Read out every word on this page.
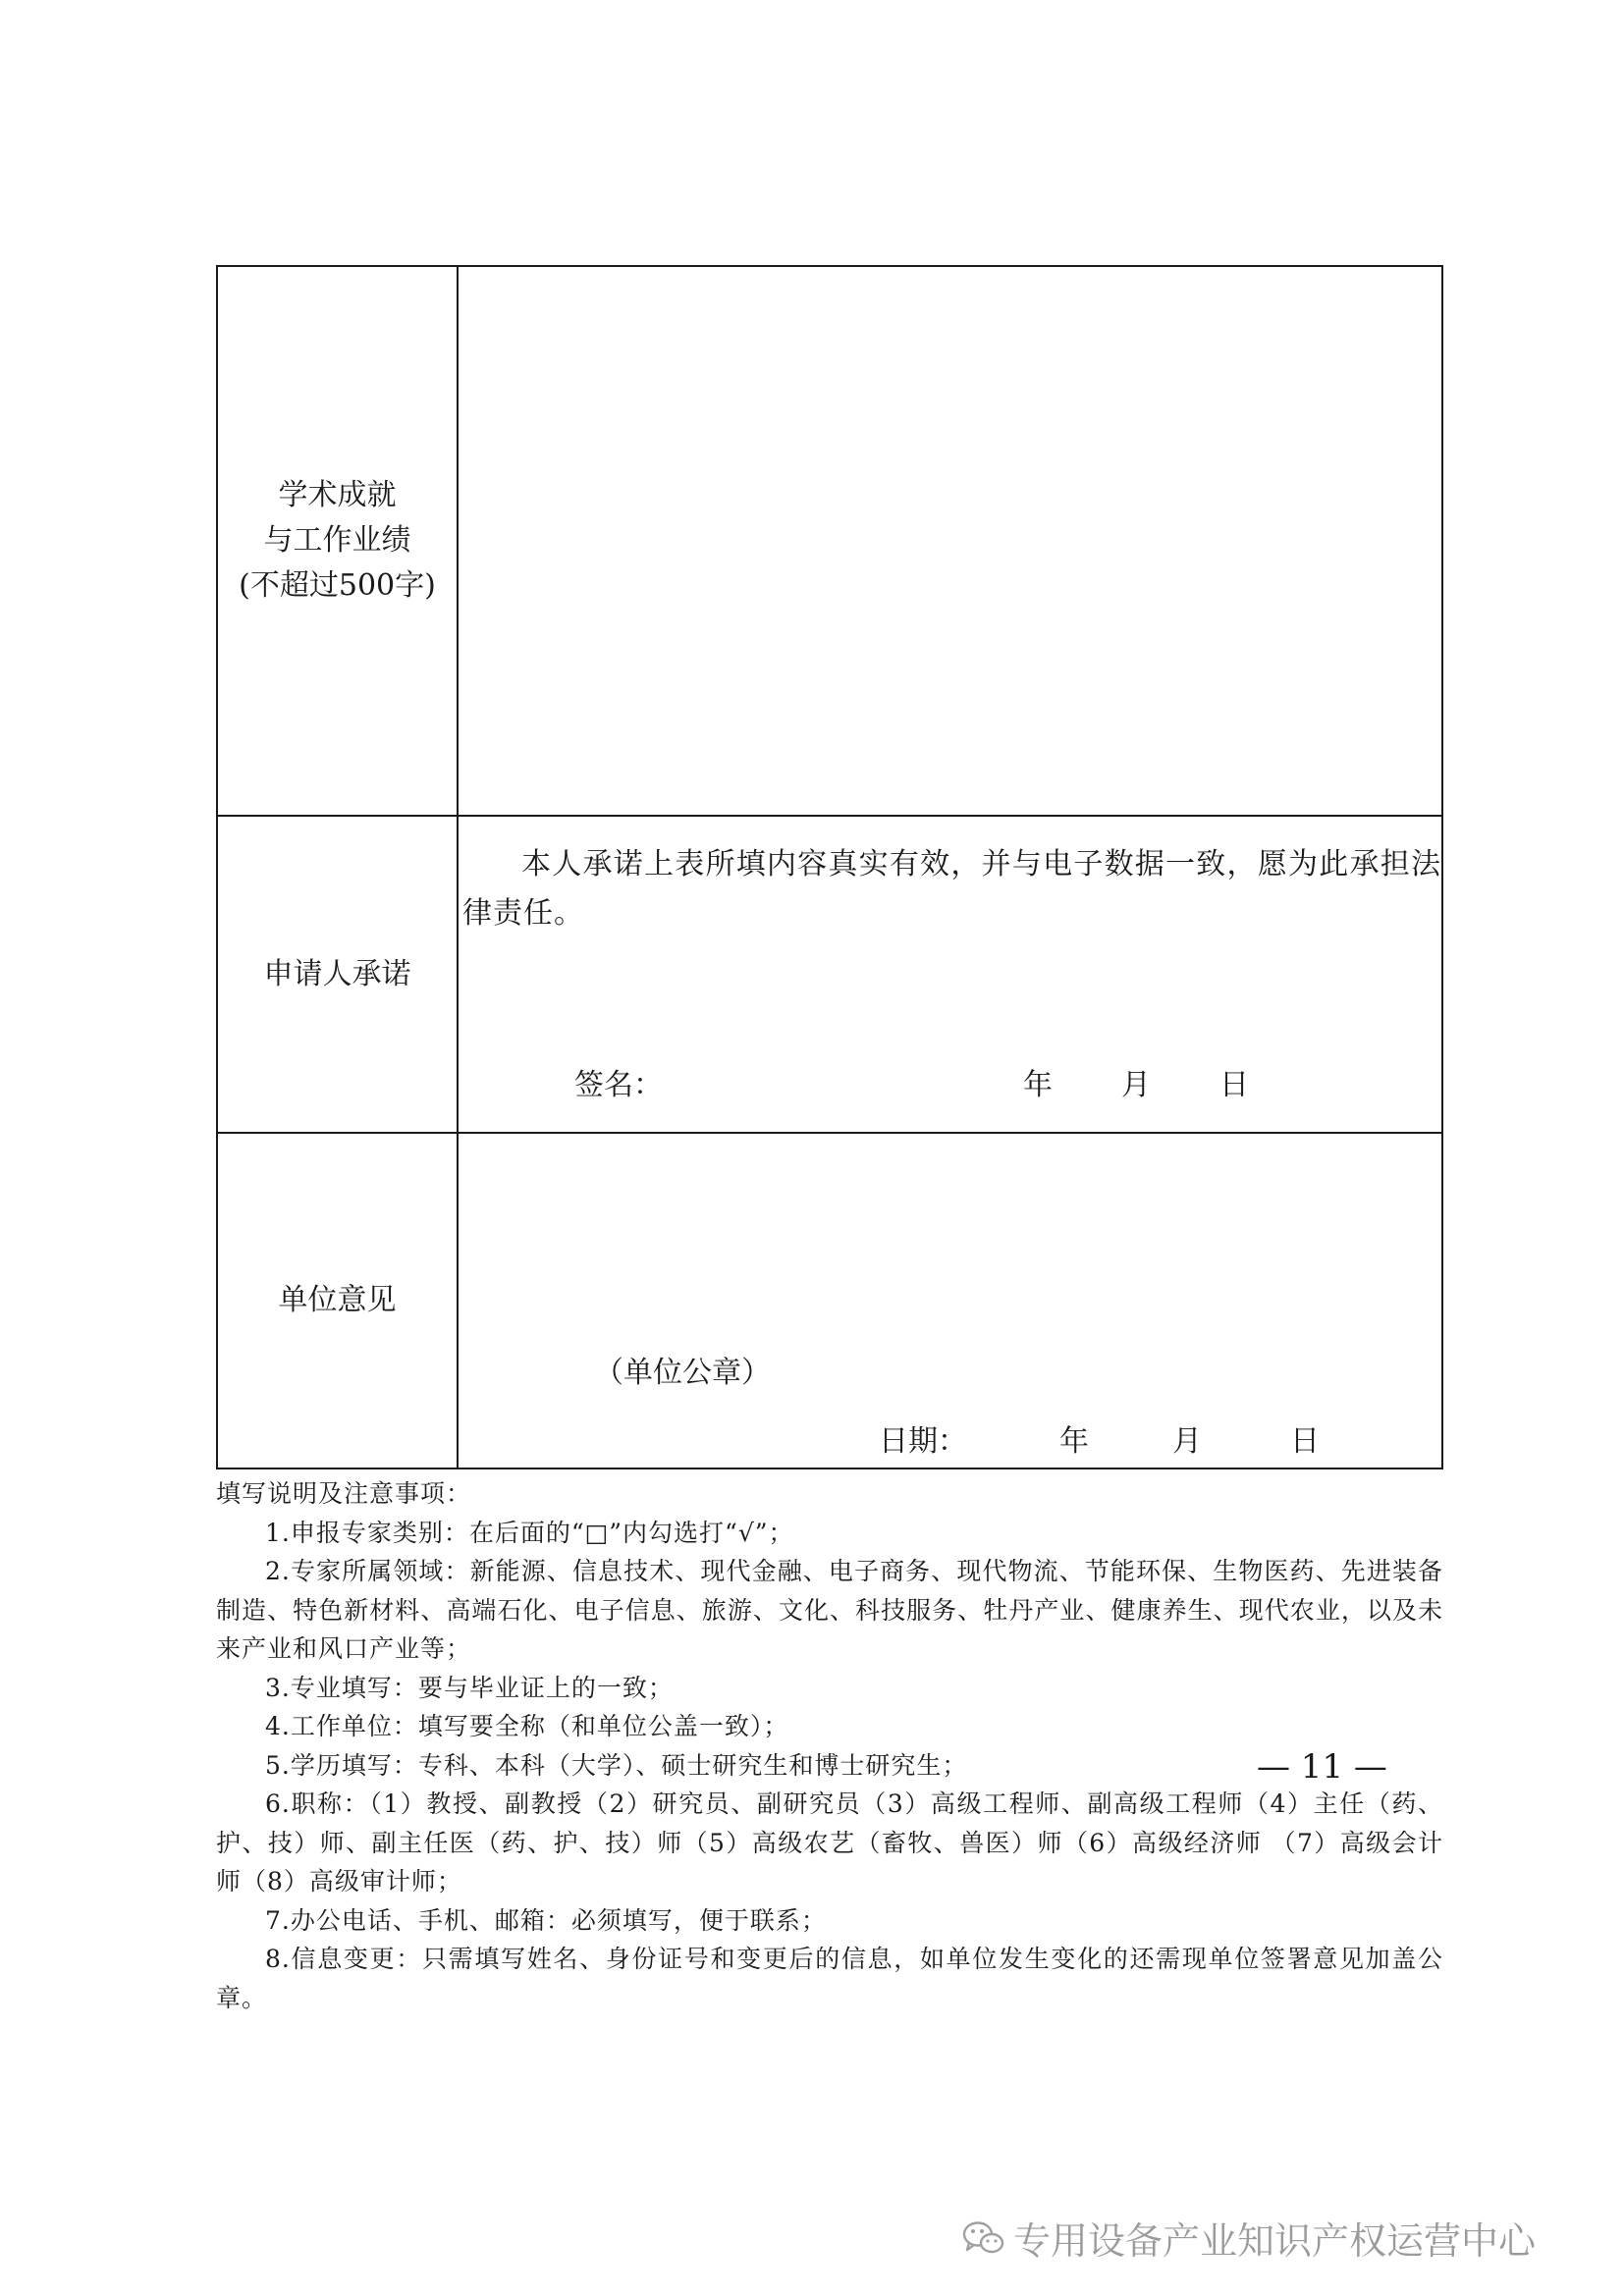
学术成就
与工作业绩
(不超过500字)	

申请人承诺	本人承诺上表所填内容真实有效，并与电子数据一致，愿为此承担法律责任。
签名： 年 月 日

单位意见	（单位公章）
日期： 年 月 日
填写说明及注意事项：

1.申报专家类别：在后面的“□”内勾选打“√”；

2.专家所属领域：新能源、信息技术、现代金融、电子商务、现代物流、节能环保、生物医药、先进装备制造、特色新材料、高端石化、电子信息、旅游、文化、科技服务、牡丹产业、健康养生、现代农业，以及未来产业和风口产业等；

3.专业填写：要与毕业证上的一致；

4.工作单位：填写要全称（和单位公盖一致）；

5.学历填写：专科、本科（大学）、硕士研究生和博士研究生；

6.职称：（1）教授、副教授（2）研究员、副研究员（3）高级工程师、副高级工程师（4）主任（药、护、技）师、副主任医（药、护、技）师（5）高级农艺（畜牧、兽医）师（6）高级经济师 （7）高级会计师（8）高级审计师；

7.办公电话、手机、邮箱：必须填写，便于联系；

8.信息变更：只需填写姓名、身份证号和变更后的信息，如单位发生变化的还需现单位签署意见加盖公章。

— 11 —
专用设备产业知识产权运营中心
